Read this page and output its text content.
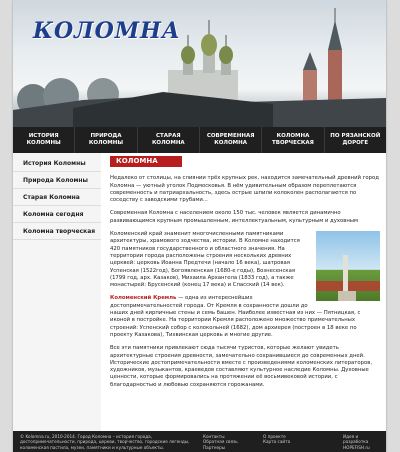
КОЛОМНА
ИСТОРИЯ
КОЛОМНЫ
ПРИРОДА
КОЛОМНЫ
СТАРАЯ
КОЛОМНА
СОВРЕМЕННАЯ
КОЛОМНА
КОЛОМНА
ТВОРЧЕСКАЯ
ПО РЯЗАНСКОЙ
ДОРОГЕ
История Коломны
Природа Коломны
Старая Коломна
Коломна сегодня
Коломна творческая
КОЛОМНА

Недалеко от столицы, на слиянии трёх крупных рек, находится замечательный древний город Коломна — уютный уголок Подмосковья. В нём удивительным образом переплетаются современность и патриархальность, здесь острые шпили колоколен располагаются по соседству с заводскими трубами...

Современная Коломна с населением около 150 тыс. человек является динамично развивающимся крупным промышленным, интеллектуальным, культурным и духовным

Коломенский край знаменит многочисленными памятниками архитектуры, храмового зодчества, истории. В Коломне находится 420 памятников государственного и областного значения. На территории города расположены строения нескольких древних церквей: церковь Иоанна Предтечи (начало 16 века), шатровая Успенская (1522год), Богоявленская (1680-е годы), Вознесенская (1799 год, арх. Казаков), Михаила Архангела (1833 год), а также монастырей: Брусенский (конец 17 века) и Спасский (14 век).

Коломенский Кремль — одна из интереснейших достопримечательностей города. От Кремля в сохранности дошли до наших дней кирпичные стены и семь башен. Наиболее известная из них — Пятницкая, с иконой в постройке. На территории Кремля расположено множество примечательных строений: Успенский собор с колокольней (1682), дом архиерея (построен в 18 веке по проекту Казакова), Тихвинская церковь и многие другие.

Все эти памятники привлекают сюда тысячи туристов, которые желают увидеть архитектурные строения древности, замечательно сохранившиеся до современных дней. Исторические достопримечательности вместе с произведениями коломенских литераторов, художников, музыкантов, краеведов составляют культурное наследие Коломны. Духовные ценности, которые формировались на протяжении её восьмивековой истории, с благодарностью и любовью сохраняются горожанами.

© Kolomna.ru, 2010-2014. Город Коломна – история города,
достопримечательности, природа, церкви, творчество, городские легенды,
коломенская пастила, музеи, памятники и культурные объекты.
Контакты
Обратная связь
Партнеры
О проекте
Карта сайта
Идея и
разработка
HOPEFISH.ru
